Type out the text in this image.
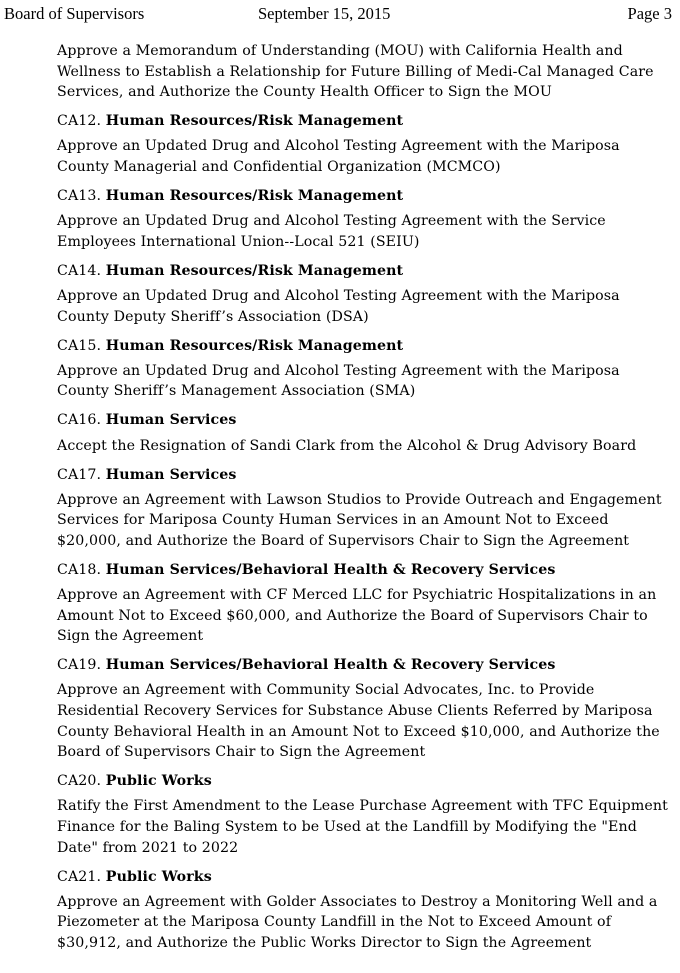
Board of Supervisors	September 15, 2015	Page 3

Approve a Memorandum of Understanding (MOU) with California Health and Wellness to Establish a Relationship for Future Billing of Medi-Cal Managed Care Services, and Authorize the County Health Officer to Sign the MOU

CA12. Human Resources/Risk Management

Approve an Updated Drug and Alcohol Testing Agreement with the Mariposa County Managerial and Confidential Organization (MCMCO)

CA13. Human Resources/Risk Management

Approve an Updated Drug and Alcohol Testing Agreement with the Service Employees International Union--Local 521 (SEIU)

CA14. Human Resources/Risk Management

Approve an Updated Drug and Alcohol Testing Agreement with the Mariposa County Deputy Sheriff’s Association (DSA)

CA15. Human Resources/Risk Management

Approve an Updated Drug and Alcohol Testing Agreement with the Mariposa County Sheriff’s Management Association (SMA)

CA16. Human Services

Accept the Resignation of Sandi Clark from the Alcohol & Drug Advisory Board

CA17. Human Services

Approve an Agreement with Lawson Studios to Provide Outreach and Engagement Services for Mariposa County Human Services in an Amount Not to Exceed $20,000, and Authorize the Board of Supervisors Chair to Sign the Agreement

CA18. Human Services/Behavioral Health & Recovery Services

Approve an Agreement with CF Merced LLC for Psychiatric Hospitalizations in an Amount Not to Exceed $60,000, and Authorize the Board of Supervisors Chair to Sign the Agreement

CA19. Human Services/Behavioral Health & Recovery Services

Approve an Agreement with Community Social Advocates, Inc. to Provide Residential Recovery Services for Substance Abuse Clients Referred by Mariposa County Behavioral Health in an Amount Not to Exceed $10,000, and Authorize the Board of Supervisors Chair to Sign the Agreement

CA20. Public Works

Ratify the First Amendment to the Lease Purchase Agreement with TFC Equipment Finance for the Baling System to be Used at the Landfill by Modifying the "End Date" from 2021 to 2022

CA21. Public Works

Approve an Agreement with Golder Associates to Destroy a Monitoring Well and a Piezometer at the Mariposa County Landfill in the Not to Exceed Amount of $30,912, and Authorize the Public Works Director to Sign the Agreement
